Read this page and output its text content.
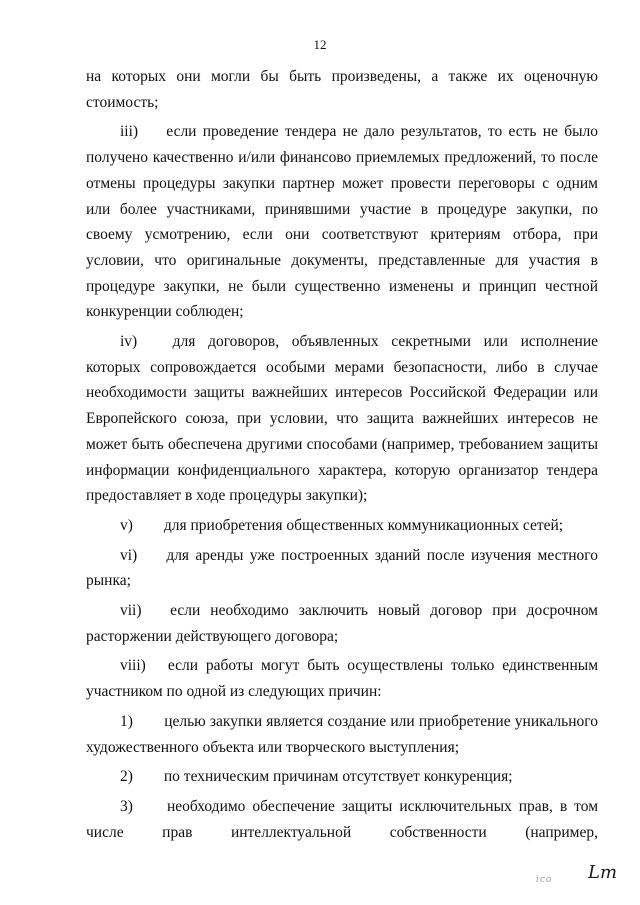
12

на которых они могли бы быть произведены, а также их оценочную стоимость;

iii) если проведение тендера не дало результатов, то есть не было получено качественно и/или финансово приемлемых предложений, то после отмены процедуры закупки партнер может провести переговоры с одним или более участниками, принявшими участие в процедуре закупки, по своему усмотрению, если они соответствуют критериям отбора, при условии, что оригинальные документы, представленные для участия в процедуре закупки, не были существенно изменены и принцип честной конкуренции соблюден;

iv) для договоров, объявленных секретными или исполнение которых сопровождается особыми мерами безопасности, либо в случае необходимости защиты важнейших интересов Российской Федерации или Европейского союза, при условии, что защита важнейших интересов не может быть обеспечена другими способами (например, требованием защиты информации конфиденциального характера, которую организатор тендера предоставляет в ходе процедуры закупки);

v) для приобретения общественных коммуникационных сетей;

vi) для аренды уже построенных зданий после изучения местного рынка;

vii) если необходимо заключить новый договор при досрочном расторжении действующего договора;

viii) если работы могут быть осуществлены только единственным участником по одной из следующих причин:

1) целью закупки является создание или приобретение уникального художественного объекта или творческого выступления;

2) по техническим причинам отсутствует конкуренция;

3) необходимо обеспечение защиты исключительных прав, в том числе прав интеллектуальной собственности (например,

iсо Lm
